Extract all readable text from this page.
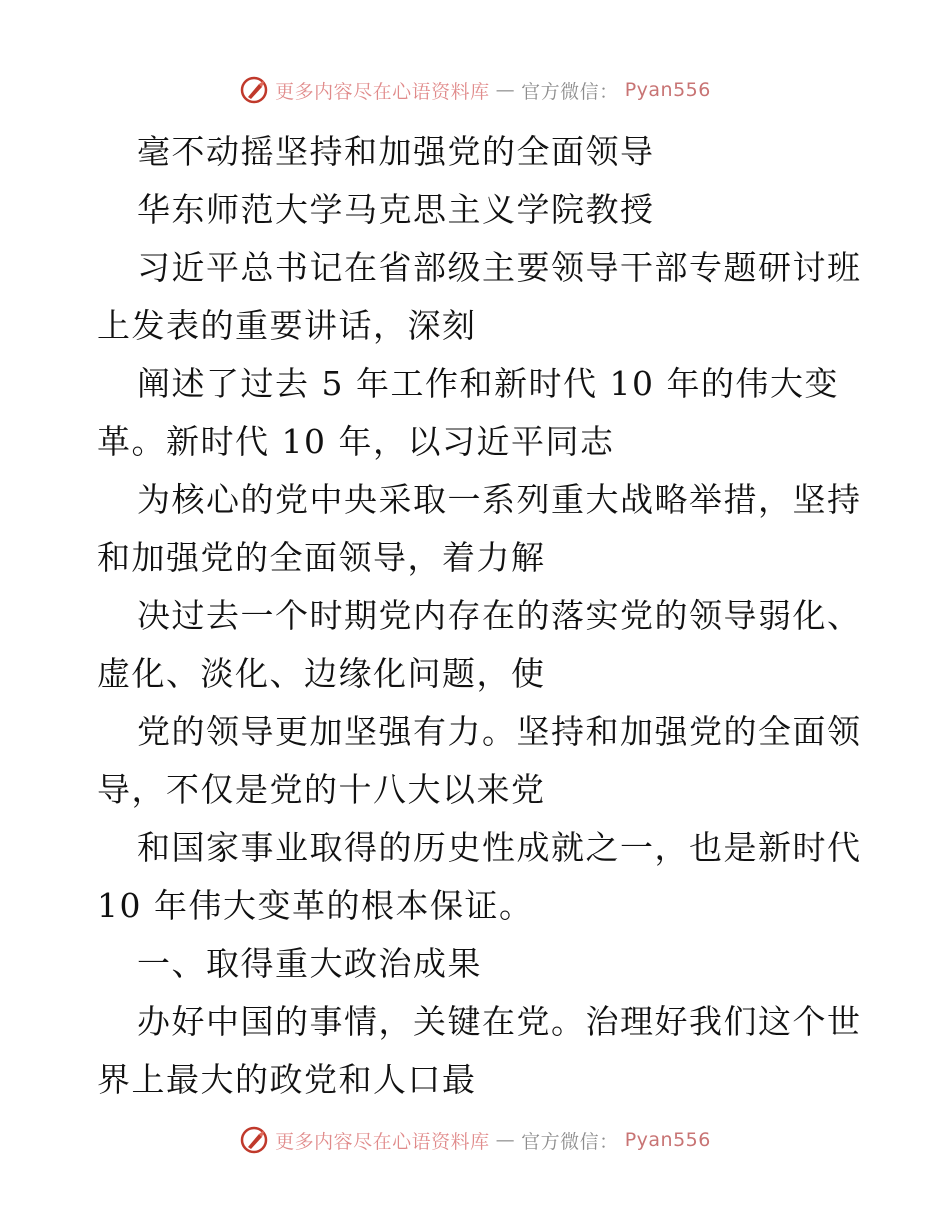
更多内容尽在心语资料库 — 官方微信： Pyan556
毫不动摇坚持和加强党的全面领导
华东师范大学马克思主义学院教授
习近平总书记在省部级主要领导干部专题研讨班
上发表的重要讲话，深刻
阐述了过去 5 年工作和新时代 10 年的伟大变
革。新时代 10 年，以习近平同志
为核心的党中央采取一系列重大战略举措，坚持
和加强党的全面领导，着力解
决过去一个时期党内存在的落实党的领导弱化、
虚化、淡化、边缘化问题，使
党的领导更加坚强有力。坚持和加强党的全面领
导，不仅是党的十八大以来党
和国家事业取得的历史性成就之一，也是新时代
10 年伟大变革的根本保证。
一、取得重大政治成果
办好中国的事情，关键在党。治理好我们这个世
界上最大的政党和人口最
更多内容尽在心语资料库 — 官方微信： Pyan556
